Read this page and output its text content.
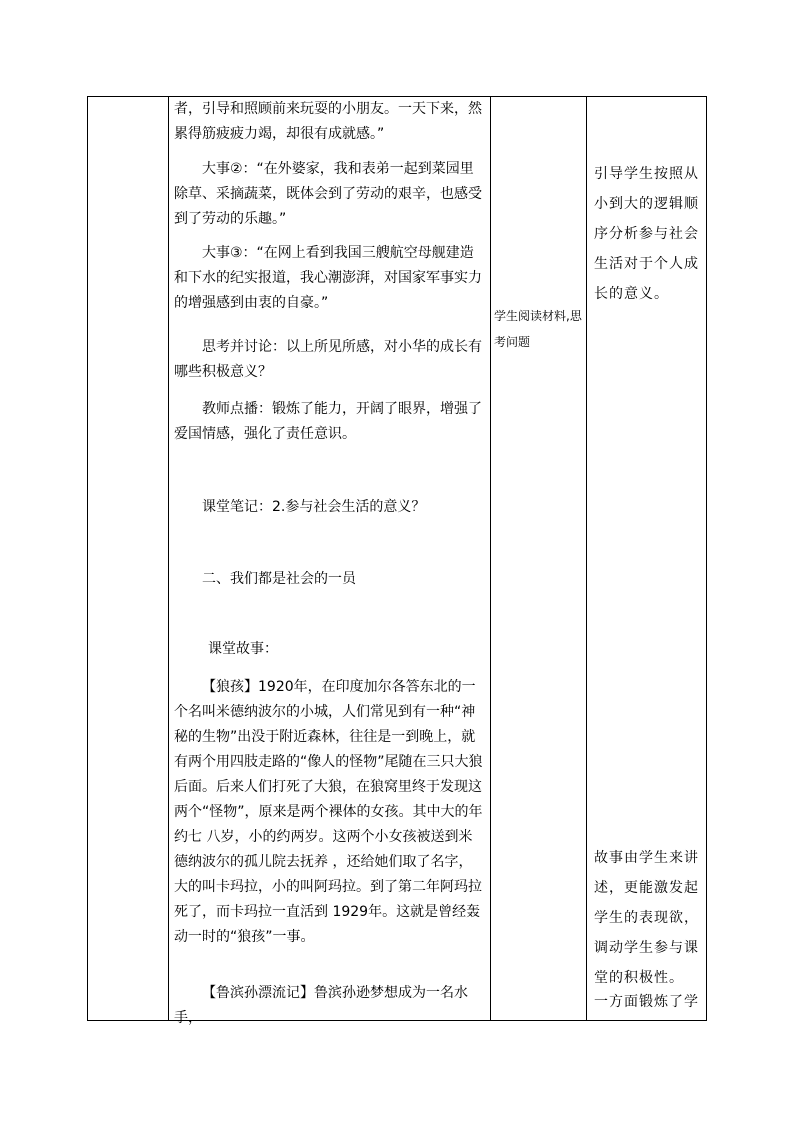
者，引导和照顾前来玩耍的小朋友。一天下来，然累得筋疲疲力竭，却很有成就感。”

大事②：“在外婆家，我和表弟一起到菜园里除草、采摘蔬菜，既体会到了劳动的艰辛，也感受到了劳动的乐趣。”

大事③：“在网上看到我国三艘航空母舰建造和下水的纪实报道，我心潮澎湃，对国家军事实力的增强感到由衷的自豪。”

思考并讨论：以上所见所感，对小华的成长有哪些积极意义？

教师点播：锻炼了能力，开阔了眼界，增强了爱国情感，强化了责任意识。

课堂笔记：2.参与社会生活的意义？

二、我们都是社会的一员

课堂故事：

【狼孩】1920年，在印度加尔各答东北的一个名叫米德纳波尔的小城，人们常见到有一种“神秘的生物”出没于附近森林，往往是一到晚上，就有两个用四肢走路的“像人的怪物”尾随在三只大狼后面。后来人们打死了大狼，在狼窝里终于发现这两个“怪物”，原来是两个裸体的女孩。其中大的年约七 八岁，小的约两岁。这两个小女孩被送到米德纳波尔的孤儿院去抚养 ，还给她们取了名字，大的叫卡玛拉，小的叫阿玛拉。到了第二年阿玛拉死了，而卡玛拉一直活到 1929年。这就是曾经轰动一时的“狼孩”一事。

【鲁滨孙漂流记】鲁滨孙逊梦想成为一名水手，

学生阅读材料,思考问题

引导学生按照从小到大的逻辑顺序分析参与社会生活对于个人成长的意义。

故事由学生来讲述，更能激发起学生的表现欲，调动学生参与课堂的积极性。

一方面锻炼了学
